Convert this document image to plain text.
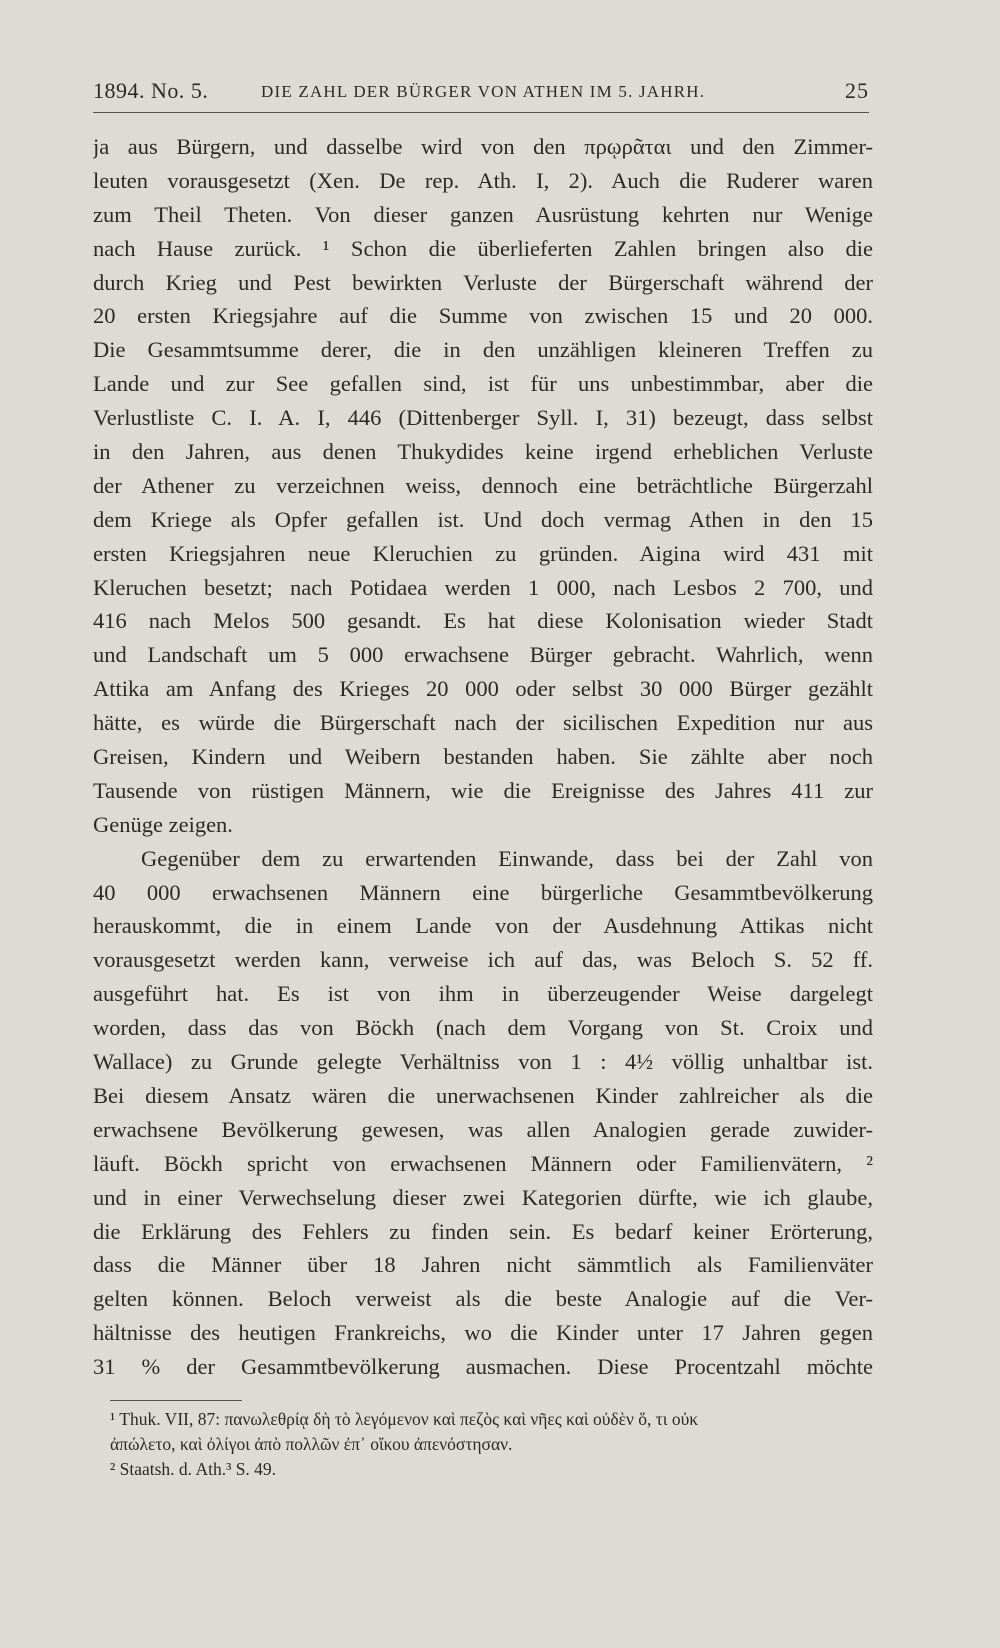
1894. No. 5.	DIE ZAHL DER BÜRGER VON ATHEN IM 5. JAHRH.	25
ja aus Bürgern, und dasselbe wird von den πρῳρᾶται und den Zimmer-
leuten vorausgesetzt (Xen. De rep. Ath. I, 2). Auch die Ruderer waren
zum Theil Theten. Von dieser ganzen Ausrüstung kehrten nur Wenige
nach Hause zurück. ¹ Schon die überlieferten Zahlen bringen also die
durch Krieg und Pest bewirkten Verluste der Bürgerschaft während der
20 ersten Kriegsjahre auf die Summe von zwischen 15 und 20 000.
Die Gesammtsumme derer, die in den unzähligen kleineren Treffen zu
Lande und zur See gefallen sind, ist für uns unbestimmbar, aber die
Verlustliste C. I. A. I, 446 (Dittenberger Syll. I, 31) bezeugt, dass selbst
in den Jahren, aus denen Thukydides keine irgend erheblichen Verluste
der Athener zu verzeichnen weiss, dennoch eine beträchtliche Bürgerzahl
dem Kriege als Opfer gefallen ist. Und doch vermag Athen in den 15
ersten Kriegsjahren neue Kleruchien zu gründen. Aigina wird 431 mit
Kleruchen besetzt; nach Potidaea werden 1 000, nach Lesbos 2 700, und
416 nach Melos 500 gesandt. Es hat diese Kolonisation wieder Stadt
und Landschaft um 5 000 erwachsene Bürger gebracht. Wahrlich, wenn
Attika am Anfang des Krieges 20 000 oder selbst 30 000 Bürger gezählt
hätte, es würde die Bürgerschaft nach der sicilischen Expedition nur aus
Greisen, Kindern und Weibern bestanden haben. Sie zählte aber noch
Tausende von rüstigen Männern, wie die Ereignisse des Jahres 411 zur
Genüge zeigen.
Gegenüber dem zu erwartenden Einwande, dass bei der Zahl von
40 000 erwachsenen Männern eine bürgerliche Gesammtbevölkerung
herauskommt, die in einem Lande von der Ausdehnung Attikas nicht
vorausgesetzt werden kann, verweise ich auf das, was Beloch S. 52 ff.
ausgeführt hat. Es ist von ihm in überzeugender Weise dargelegt
worden, dass das von Böckh (nach dem Vorgang von St. Croix und
Wallace) zu Grunde gelegte Verhältniss von 1 : 4½ völlig unhaltbar ist.
Bei diesem Ansatz wären die unerwachsenen Kinder zahlreicher als die
erwachsene Bevölkerung gewesen, was allen Analogien gerade zuwider-
läuft. Böckh spricht von erwachsenen Männern oder Familienvätern, ²
und in einer Verwechselung dieser zwei Kategorien dürfte, wie ich glaube,
die Erklärung des Fehlers zu finden sein. Es bedarf keiner Erörterung,
dass die Männer über 18 Jahren nicht sämmtlich als Familienväter
gelten können. Beloch verweist als die beste Analogie auf die Ver-
hältnisse des heutigen Frankreichs, wo die Kinder unter 17 Jahren gegen
31 % der Gesammtbevölkerung ausmachen. Diese Procentzahl möchte
¹ Thuk. VII, 87: πανωλεθρίᾳ δὴ τὸ λεγόμενον καὶ πεζὸς καὶ νῆες καὶ οὐδὲν ὅ, τι οὐκ
ἀπώλετο, καὶ ὀλίγοι ἀπὸ πολλῶν ἐπ᾽ οἴκου ἀπενόστησαν.
² Staatsh. d. Ath.³ S. 49.
